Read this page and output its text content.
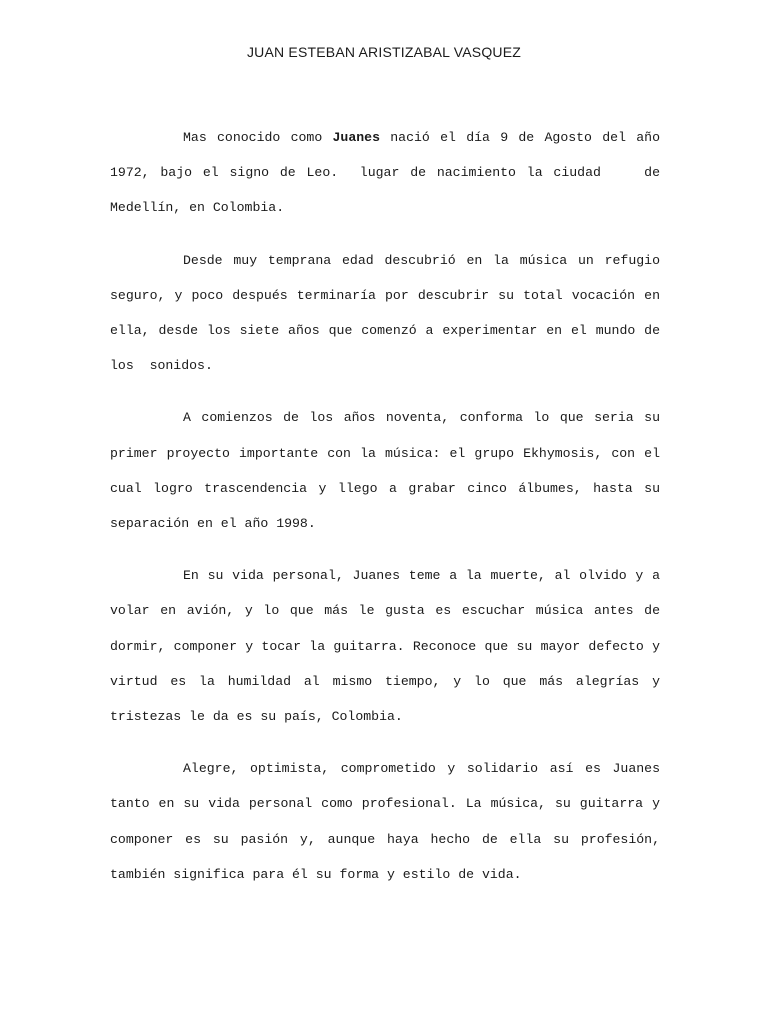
JUAN ESTEBAN ARISTIZABAL VASQUEZ

Mas conocido como Juanes nació el día 9 de Agosto del año 1972, bajo el signo de Leo.  lugar de nacimiento la ciudad    de Medellín, en Colombia.

Desde muy temprana edad descubrió en la música un refugio seguro, y poco después terminaría por descubrir su total vocación en ella, desde los siete años que comenzó a experimentar en el mundo de los  sonidos.

A comienzos de los años noventa, conforma lo que seria su primer proyecto importante con la música: el grupo Ekhymosis, con el cual logro trascendencia y llego a grabar cinco álbumes, hasta su separación en el año 1998.

En su vida personal, Juanes teme a la muerte, al olvido y a volar en avión, y lo que más le gusta es escuchar música antes de dormir, componer y tocar la guitarra. Reconoce que su mayor defecto y virtud es la humildad al mismo tiempo, y lo que más alegrías y tristezas le da es su país, Colombia.

Alegre, optimista, comprometido y solidario así es Juanes tanto en su vida personal como profesional. La música, su guitarra y componer es su pasión y, aunque haya hecho de ella su profesión, también significa para él su forma y estilo de vida.
